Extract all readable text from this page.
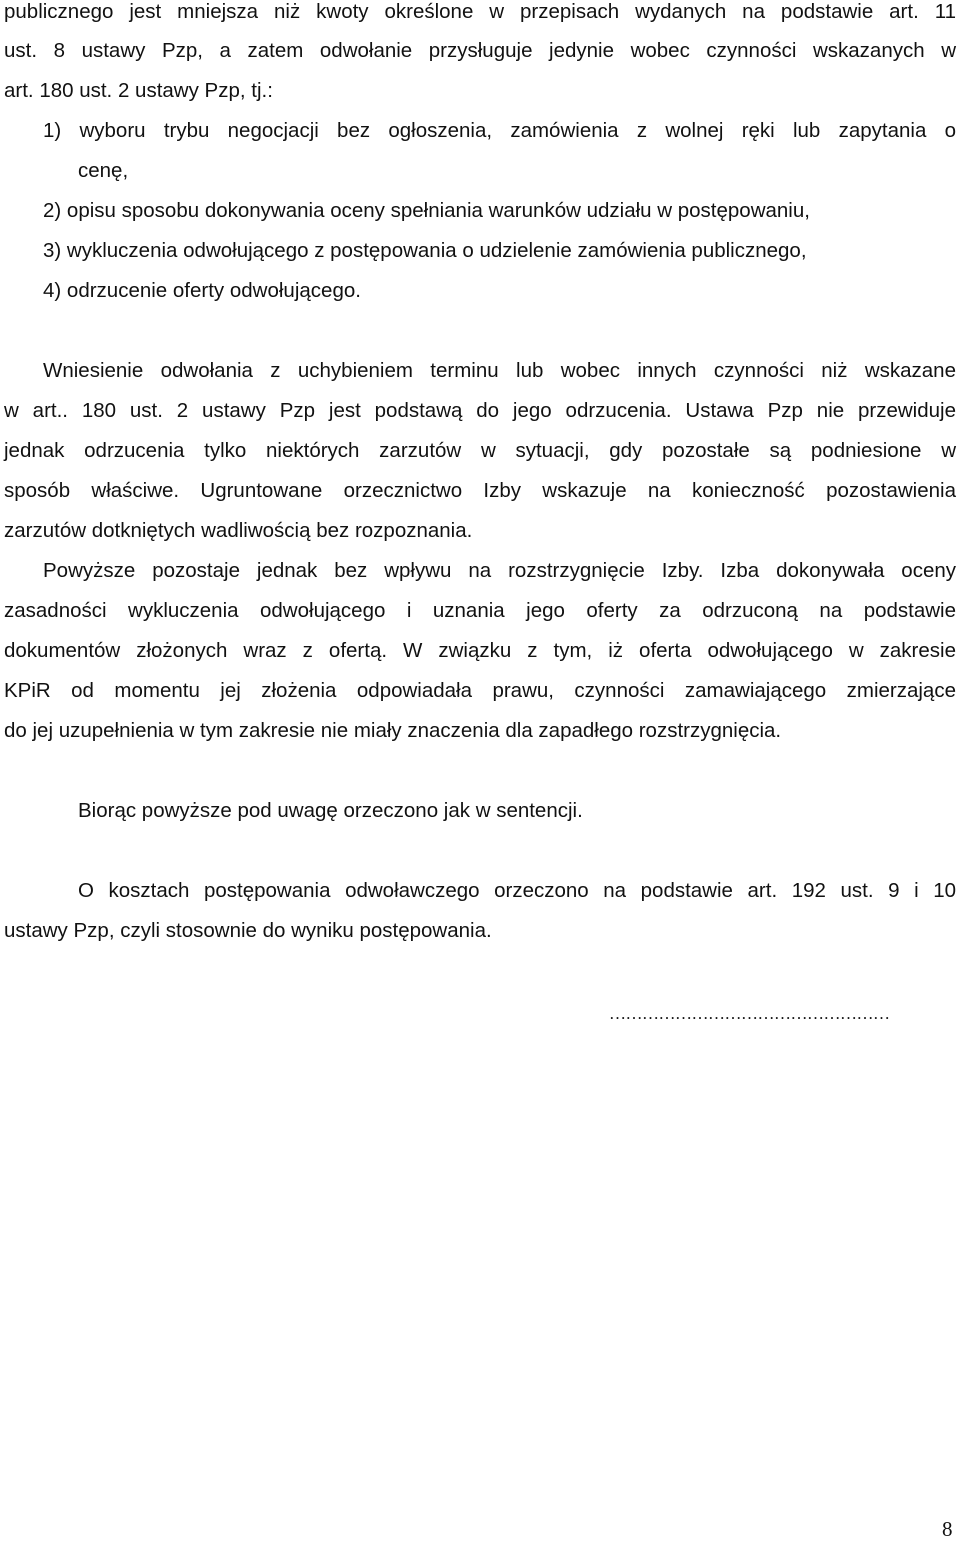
publicznego jest mniejsza niż kwoty określone w przepisach wydanych na podstawie art. 11
ust. 8 ustawy Pzp, a zatem odwołanie przysługuje jedynie wobec czynności wskazanych w
art. 180 ust. 2 ustawy Pzp, tj.:
1) wyboru trybu negocjacji bez ogłoszenia, zamówienia z wolnej ręki lub zapytania o
cenę,
2) opisu sposobu dokonywania oceny spełniania warunków udziału w postępowaniu,
3) wykluczenia odwołującego z postępowania o udzielenie zamówienia publicznego,
4) odrzucenie oferty odwołującego.
Wniesienie odwołania z uchybieniem terminu lub wobec innych czynności niż wskazane
w art.. 180 ust. 2 ustawy Pzp jest podstawą do jego odrzucenia. Ustawa Pzp nie przewiduje
jednak odrzucenia tylko niektórych zarzutów w sytuacji, gdy pozostałe są podniesione w
sposób właściwe. Ugruntowane orzecznictwo Izby wskazuje na konieczność pozostawienia
zarzutów dotkniętych wadliwością bez rozpoznania.
Powyższe pozostaje jednak bez wpływu na rozstrzygnięcie Izby. Izba dokonywała oceny
zasadności wykluczenia odwołującego i uznania jego oferty za odrzuconą na podstawie
dokumentów złożonych wraz z ofertą. W związku z tym, iż oferta odwołującego w zakresie
KPiR od momentu jej złożenia odpowiadała prawu, czynności zamawiającego zmierzające
do jej uzupełnienia w tym zakresie nie miały znaczenia dla zapadłego rozstrzygnięcia.
Biorąc powyższe pod uwagę orzeczono jak w sentencji.
O kosztach postępowania odwoławczego orzeczono na podstawie art. 192 ust. 9 i 10
ustawy Pzp, czyli stosownie do wyniku postępowania.
……………………………………………
8
